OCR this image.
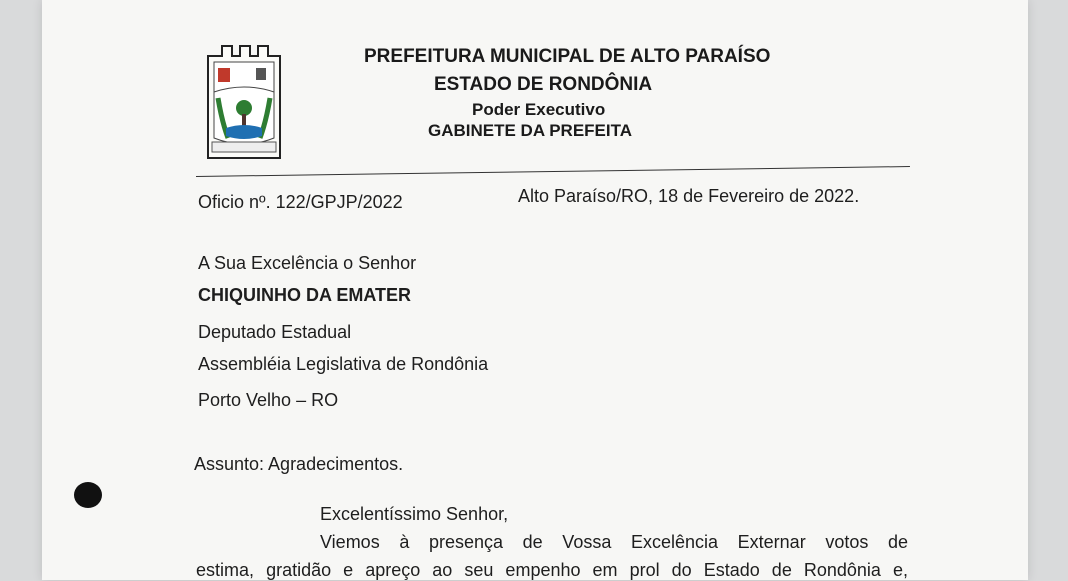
PREFEITURA MUNICIPAL DE ALTO PARAÍSO
ESTADO DE RONDÔNIA
Poder Executivo
GABINETE DA PREFEITA
Oficio nº. 122/GPJP/2022	Alto Paraíso/RO, 18 de Fevereiro de 2022.
A Sua Excelência o Senhor
CHIQUINHO DA EMATER
Deputado Estadual
Assembléia Legislativa de Rondônia
Porto Velho – RO
Assunto: Agradecimentos.
Excelentíssimo Senhor,
Viemos à presença de Vossa Excelência Externar votos de
estima, gratidão e apreço ao seu empenho em prol do Estado de Rondônia e,
